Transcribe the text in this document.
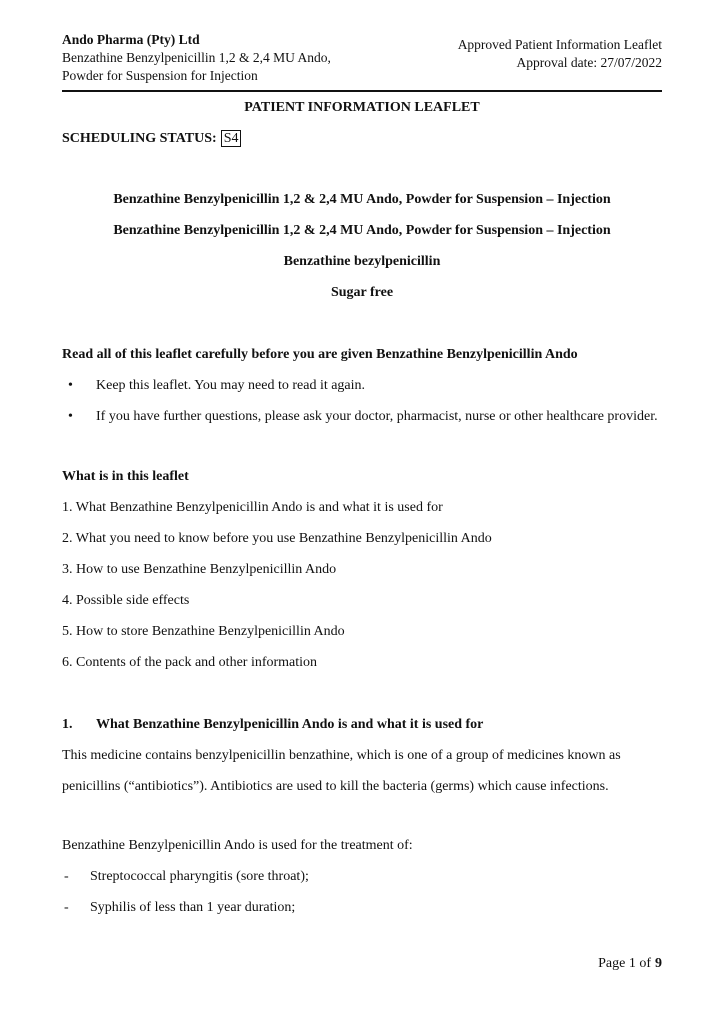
Ando Pharma (Pty) Ltd
Benzathine Benzylpenicillin 1,2 & 2,4 MU Ando,
Powder for Suspension for Injection
Approved Patient Information Leaflet
Approval date: 27/07/2022
PATIENT INFORMATION LEAFLET
SCHEDULING STATUS: S4
Benzathine Benzylpenicillin 1,2 & 2,4 MU Ando, Powder for Suspension – Injection
Benzathine Benzylpenicillin 1,2 & 2,4 MU Ando, Powder for Suspension – Injection
Benzathine bezylpenicillin
Sugar free
Read all of this leaflet carefully before you are given Benzathine Benzylpenicillin Ando
• Keep this leaflet. You may need to read it again.
• If you have further questions, please ask your doctor, pharmacist, nurse or other healthcare provider.
What is in this leaflet
1. What Benzathine Benzylpenicillin Ando is and what it is used for
2. What you need to know before you use Benzathine Benzylpenicillin Ando
3. How to use Benzathine Benzylpenicillin Ando
4. Possible side effects
5. How to store Benzathine Benzylpenicillin Ando
6. Contents of the pack and other information
1. What Benzathine Benzylpenicillin Ando is and what it is used for
This medicine contains benzylpenicillin benzathine, which is one of a group of medicines known as penicillins (“antibiotics”). Antibiotics are used to kill the bacteria (germs) which cause infections.
Benzathine Benzylpenicillin Ando is used for the treatment of:
- Streptococcal pharyngitis (sore throat);
- Syphilis of less than 1 year duration;
Page 1 of 9
